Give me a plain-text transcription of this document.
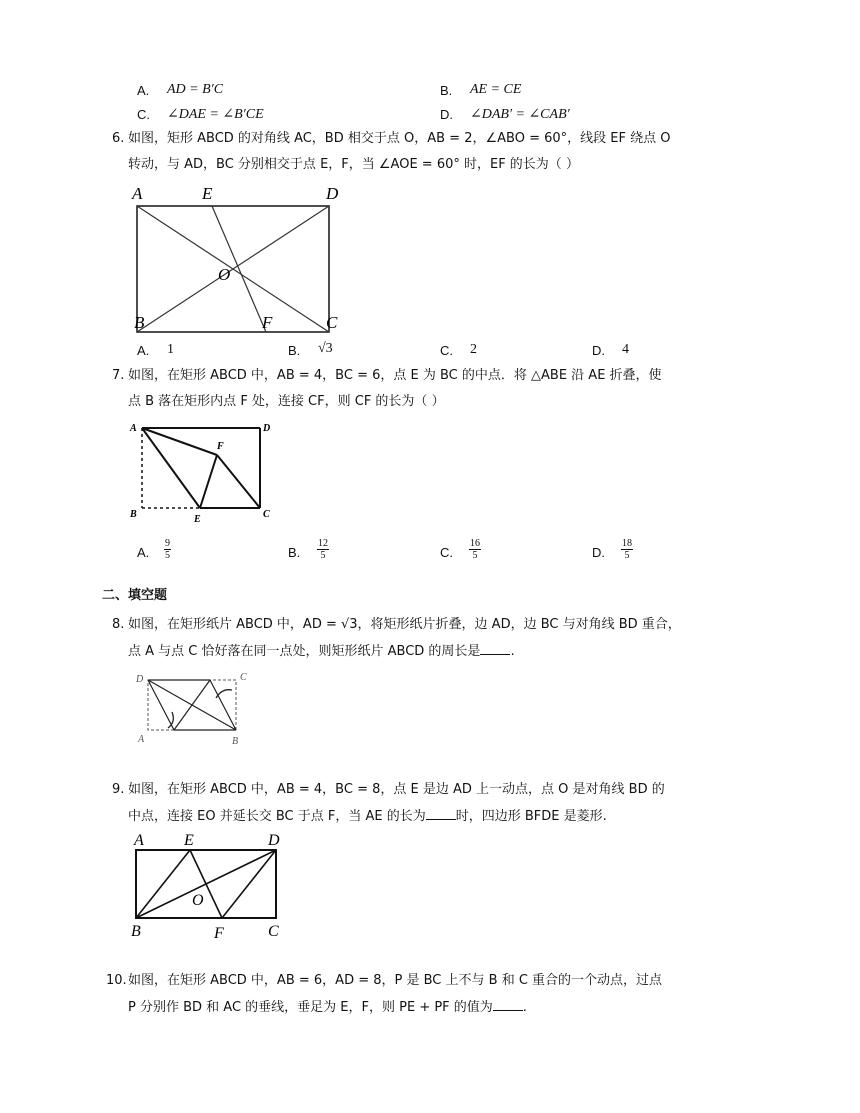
A. AD = B′C	B. AE = CE
C. ∠DAE = ∠B′CE	D. ∠DAB′ = ∠CAB′
6. 如图，矩形 ABCD 的对角线 AC，BD 相交于点 O，AB = 2，∠ABO = 60°，线段 EF 绕点 O
转动，与 AD，BC 分别相交于点 E，F，当 ∠AOE = 60° 时，EF 的长为（ ）
A	E	D
O
B	F	C
A. 1	B. √3	C. 2	D. 4
7. 如图，在矩形 ABCD 中，AB = 4，BC = 6，点 E 为 BC 的中点．将 △ABE 沿 AE 折叠，使
点 B 落在矩形内点 F 处，连接 CF，则 CF 的长为（ ）
A	D
F
B	E	C
A. $\frac{9}{5}$	B. $\frac{12}{5}$	C. $\frac{16}{5}$	D. $\frac{18}{5}$
二、填空题
8. 如图，在矩形纸片 ABCD 中，AD = √3，将矩形纸片折叠，边 AD，边 BC 与对角线 BD 重合，
点 A 与点 C 恰好落在同一点处，则矩形纸片 ABCD 的周长是 .
D	C
A	B
9. 如图，在矩形 ABCD 中，AB = 4，BC = 8，点 E 是边 AD 上一动点，点 O 是对角线 BD 的
中点，连接 EO 并延长交 BC 于点 F，当 AE 的长为 时，四边形 BFDE 是菱形.
A	E	D
O
B	F	C
10. 如图，在矩形 ABCD 中，AB = 6，AD = 8，P 是 BC 上不与 B 和 C 重合的一个动点，过点
P 分别作 BD 和 AC 的垂线，垂足为 E，F，则 PE + PF 的值为 .
